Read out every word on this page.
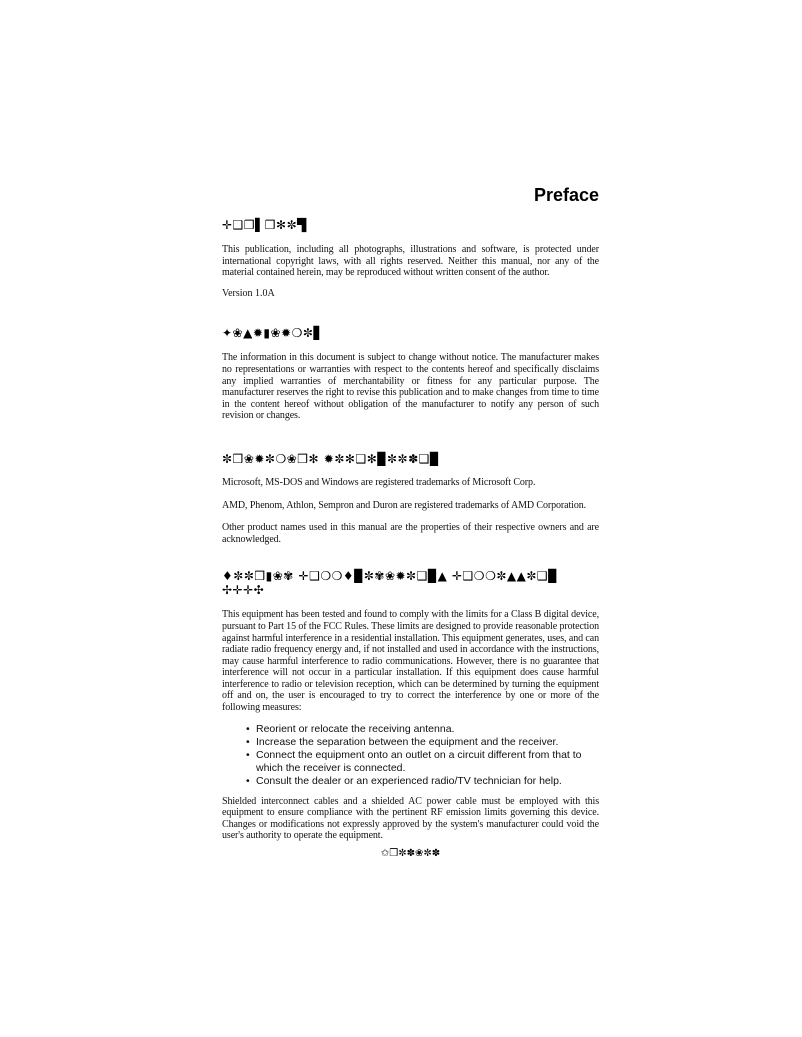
Preface
✛❑❒▌❒✻✼▜

This publication, including all photographs, illustrations and software, is protected under international copyright laws, with all rights reserved. Neither this manual, nor any of the material contained herein, may be reproduced without written consent of the author.

Version 1.0A

✦❀▲✹▮❀✹❍✼▋

The information in this document is subject to change without notice. The manufacturer makes no representations or warranties with respect to the contents hereof and specifically disclaims any implied warranties of merchantability or fitness for any particular purpose. The manufacturer reserves the right to revise this publication and to make changes from time to time in the content hereof without obligation of the manufacturer to notify any person of such revision or changes.

✼❒❀✹✼❍❀❒✻ ✹✼✻❑✻▉✼✼✽❑▉

Microsoft, MS-DOS and Windows are registered trademarks of Microsoft Corp.

AMD, Phenom, Athlon, Sempron and Duron are registered trademarks of AMD Corporation.

Other product names used in this manual are the properties of their respective owners and are acknowledged.

♦✼✼❒▮❀✾ ✛❑❍❍♦▉✼✾❀✹✼❑▉▲ ✛❑❍❍✼▲▲✼❑▉ ✢✛✛✣

This equipment has been tested and found to comply with the limits for a Class B digital device, pursuant to Part 15 of the FCC Rules. These limits are designed to provide reasonable protection against harmful interference in a residential installation. This equipment generates, uses, and can radiate radio frequency energy and, if not installed and used in accordance with the instructions, may cause harmful interference to radio communications. However, there is no guarantee that interference will not occur in a particular installation. If this equipment does cause harmful interference to radio or television reception, which can be determined by turning the equipment off and on, the user is encouraged to try to correct the interference by one or more of the following measures:

• Reorient or relocate the receiving antenna.
• Increase the separation between the equipment and the receiver.
• Connect the equipment onto an outlet on a circuit different from that to which the receiver is connected.
• Consult the dealer or an experienced radio/TV technician for help.

Shielded interconnect cables and a shielded AC power cable must be employed with this equipment to ensure compliance with the pertinent RF emission limits governing this device. Changes or modifications not expressly approved by the system's manufacturer could void the user's authority to operate the equipment.

✩❒✼✽❀✼✽
